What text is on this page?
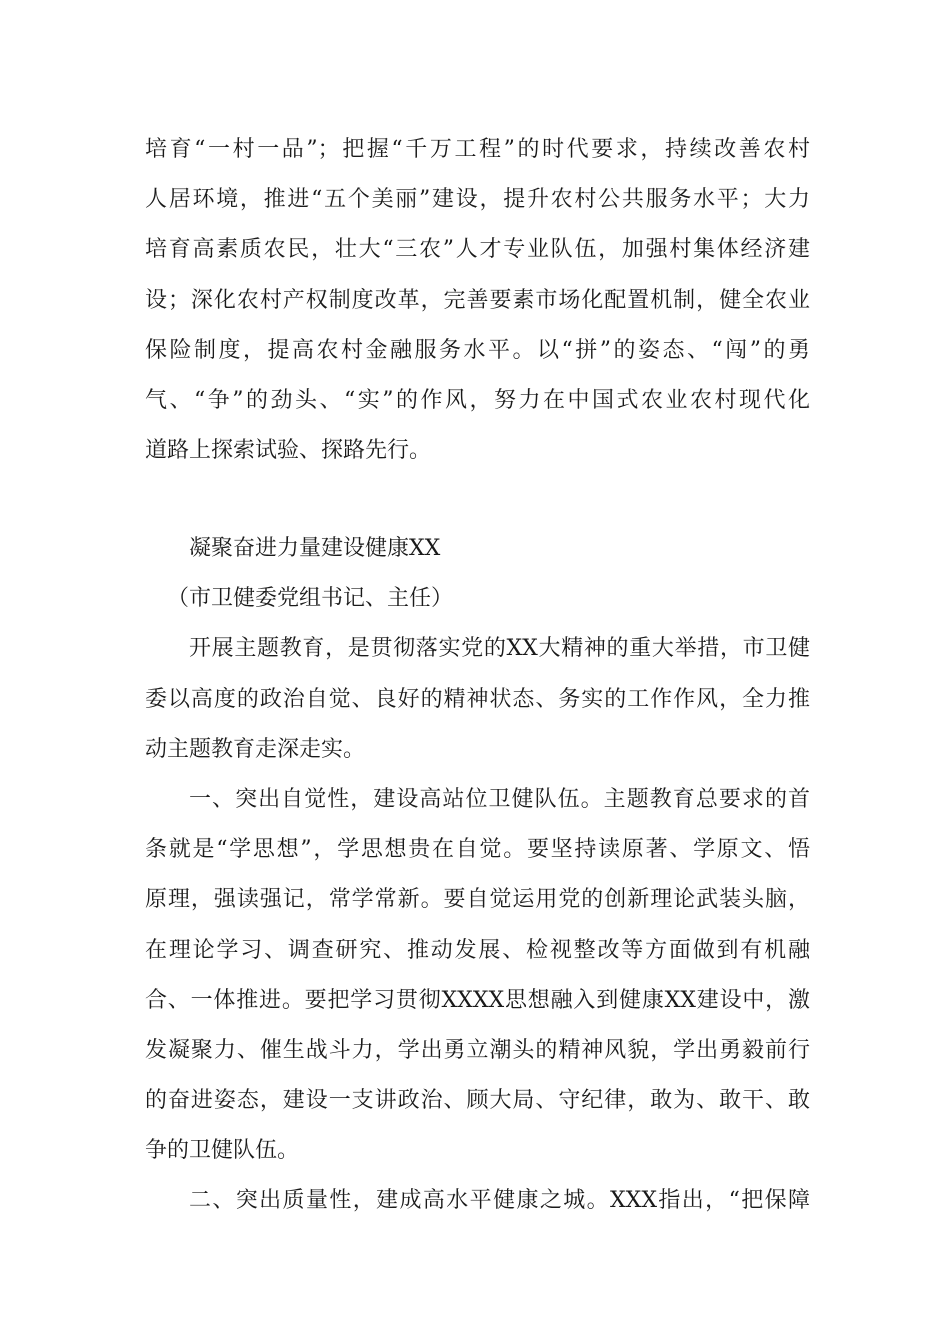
培育“一村一品”；把握“千万工程”的时代要求，持续改善农村
人居环境，推进“五个美丽”建设，提升农村公共服务水平；大力
培育高素质农民，壮大“三农”人才专业队伍，加强村集体经济建
设；深化农村产权制度改革，完善要素市场化配置机制，健全农业
保险制度，提高农村金融服务水平。以“拼”的姿态、“闯”的勇
气、“争”的劲头、“实”的作风，努力在中国式农业农村现代化
道路上探索试验、探路先行。
凝聚奋进力量建设健康XX
（市卫健委党组书记、主任）
开展主题教育，是贯彻落实党的XX大精神的重大举措，市卫健
委以高度的政治自觉、良好的精神状态、务实的工作作风，全力推
动主题教育走深走实。
一、突出自觉性，建设高站位卫健队伍。主题教育总要求的首
条就是“学思想”，学思想贵在自觉。要坚持读原著、学原文、悟
原理，强读强记，常学常新。要自觉运用党的创新理论武装头脑，
在理论学习、调查研究、推动发展、检视整改等方面做到有机融
合、一体推进。要把学习贯彻XXXX思想融入到健康XX建设中，激
发凝聚力、催生战斗力，学出勇立潮头的精神风貌，学出勇毅前行
的奋进姿态，建设一支讲政治、顾大局、守纪律，敢为、敢干、敢
争的卫健队伍。
二、突出质量性，建成高水平健康之城。XXX指出，“把保障
